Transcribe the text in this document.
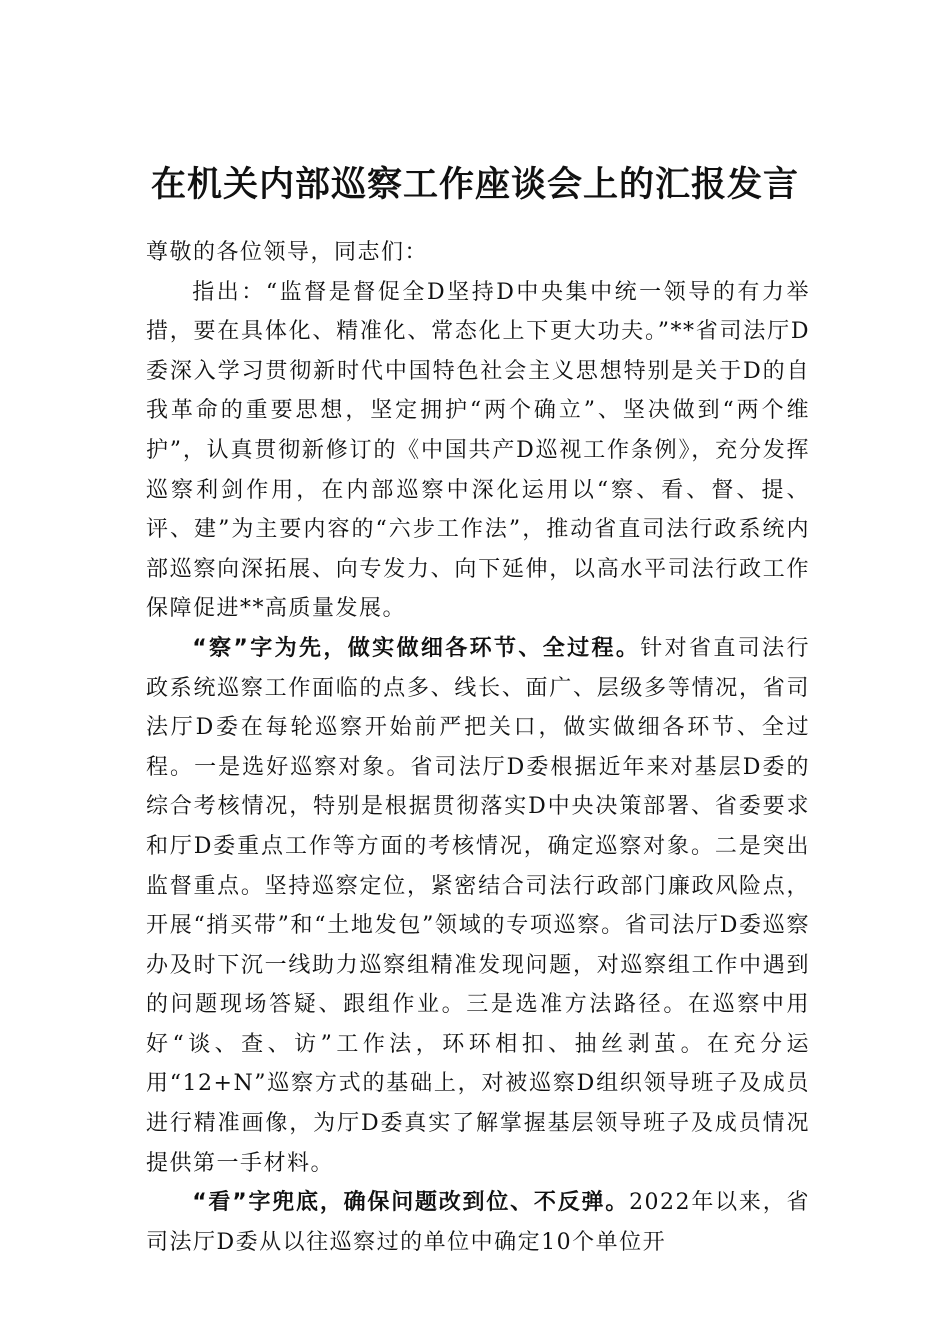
在机关内部巡察工作座谈会上的汇报发言

尊敬的各位领导，同志们：

指出：“监督是督促全D坚持D中央集中统一领导的有力举措，要在具体化、精准化、常态化上下更大功夫。”**省司法厅D委深入学习贯彻新时代中国特色社会主义思想特别是关于D的自我革命的重要思想，坚定拥护“两个确立”、坚决做到“两个维护”，认真贯彻新修订的《中国共产D巡视工作条例》，充分发挥巡察利剑作用，在内部巡察中深化运用以“察、看、督、提、评、建”为主要内容的“六步工作法”，推动省直司法行政系统内部巡察向深拓展、向专发力、向下延伸，以高水平司法行政工作保障促进**高质量发展。

“察”字为先，做实做细各环节、全过程。针对省直司法行政系统巡察工作面临的点多、线长、面广、层级多等情况，省司法厅D委在每轮巡察开始前严把关口，做实做细各环节、全过程。一是选好巡察对象。省司法厅D委根据近年来对基层D委的综合考核情况，特别是根据贯彻落实D中央决策部署、省委要求和厅D委重点工作等方面的考核情况，确定巡察对象。二是突出监督重点。坚持巡察定位，紧密结合司法行政部门廉政风险点，开展“捎买带”和“土地发包”领域的专项巡察。省司法厅D委巡察办及时下沉一线助力巡察组精准发现问题，对巡察组工作中遇到的问题现场答疑、跟组作业。三是选准方法路径。在巡察中用好“谈、查、访”工作法，环环相扣、抽丝剥茧。在充分运用“12+N”巡察方式的基础上，对被巡察D组织领导班子及成员进行精准画像，为厅D委真实了解掌握基层领导班子及成员情况提供第一手材料。

“看”字兜底，确保问题改到位、不反弹。2022年以来，省司法厅D委从以往巡察过的单位中确定10个单位开
